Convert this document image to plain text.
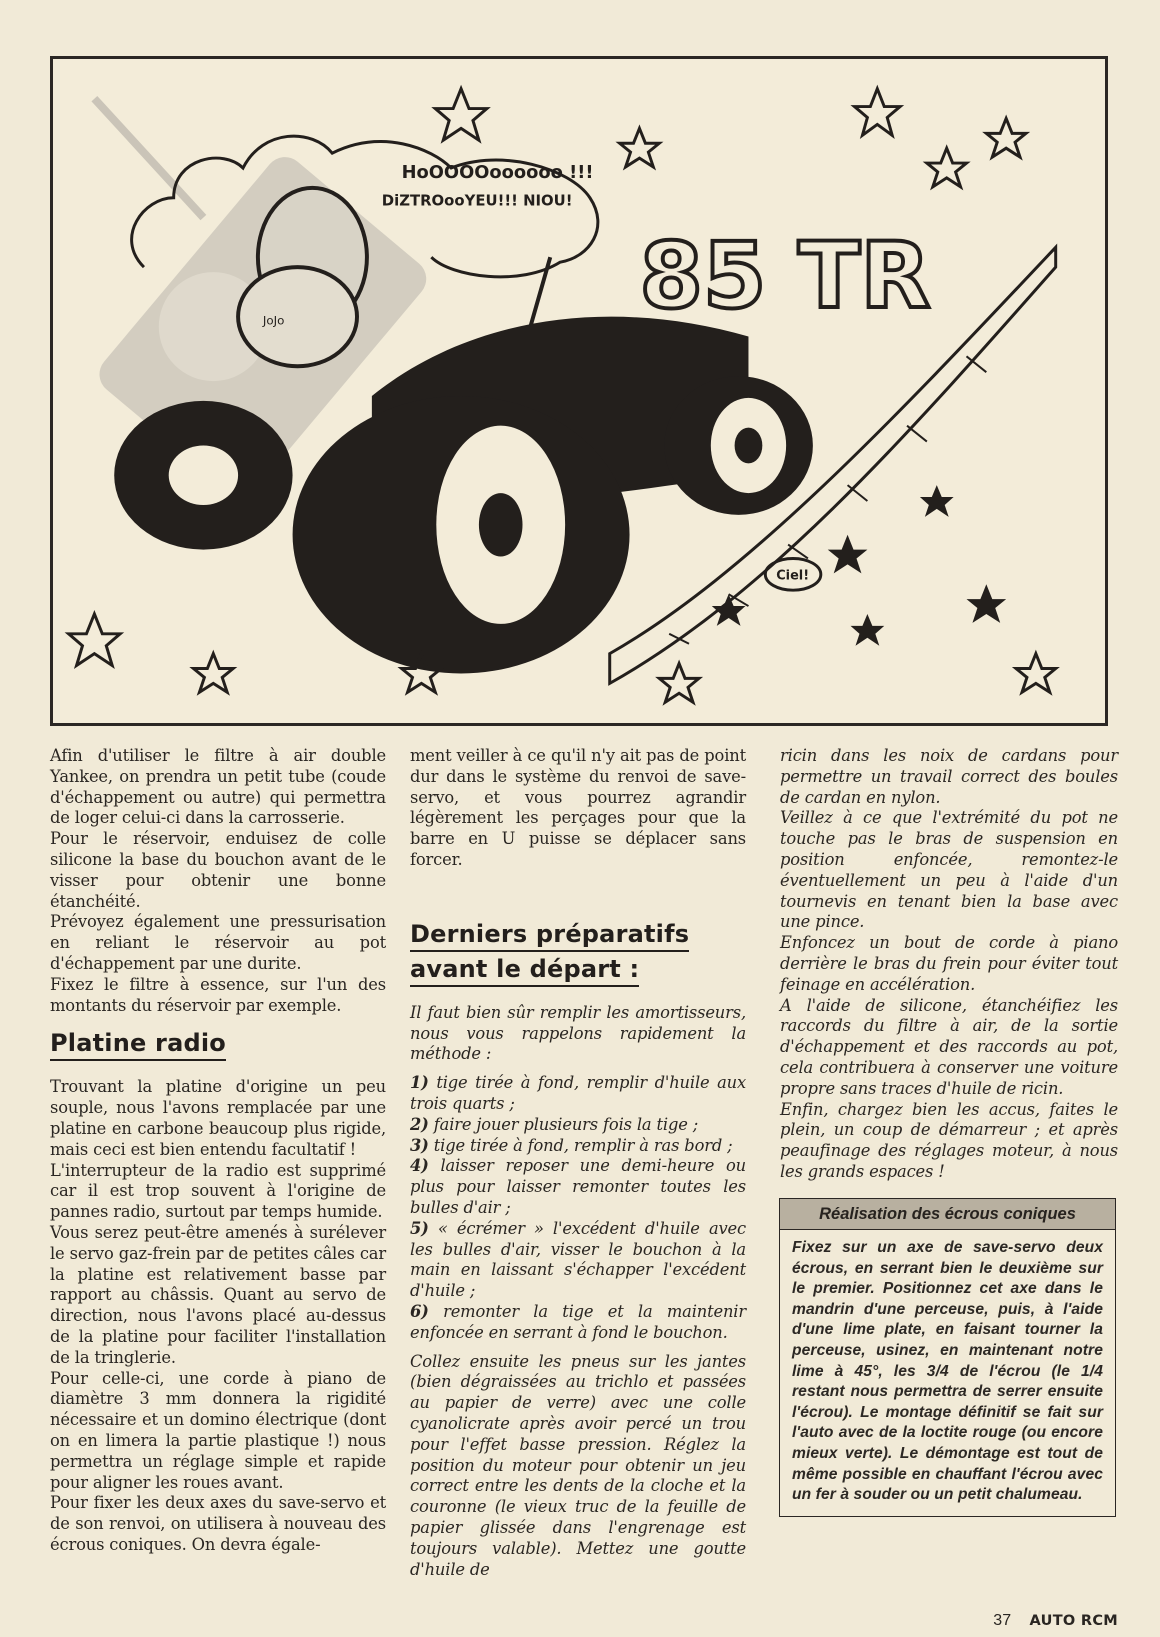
HoOOOOoooooo !!!
DiZTROooYEU!!! NIOU!
JoJo	85 TR
Ciel!

Afin d'utiliser le filtre à air double Yankee, on prendra un petit tube (coude d'échappement ou autre) qui permettra de loger celui-ci dans la carrosserie.

Pour le réservoir, enduisez de colle silicone la base du bouchon avant de le visser pour obtenir une bonne étanchéité.

Prévoyez également une pressurisation en reliant le réservoir au pot d'échappement par une durite.

Fixez le filtre à essence, sur l'un des montants du réservoir par exemple.

Platine radio

Trouvant la platine d'origine un peu souple, nous l'avons remplacée par une platine en carbone beaucoup plus rigide, mais ceci est bien entendu facultatif !

L'interrupteur de la radio est supprimé car il est trop souvent à l'origine de pannes radio, surtout par temps humide.

Vous serez peut-être amenés à surélever le servo gaz-frein par de petites câles car la platine est relativement basse par rapport au châssis. Quant au servo de direction, nous l'avons placé au-dessus de la platine pour faciliter l'installation de la tringlerie.

Pour celle-ci, une corde à piano de diamètre 3 mm donnera la rigidité nécessaire et un domino électrique (dont on en limera la partie plastique !) nous permettra un réglage simple et rapide pour aligner les roues avant.

Pour fixer les deux axes du save-servo et de son renvoi, on utilisera à nouveau des écrous coniques. On devra égale-

ment veiller à ce qu'il n'y ait pas de point dur dans le système du renvoi de save-servo, et vous pourrez agrandir légèrement les perçages pour que la barre en U puisse se déplacer sans forcer.

Derniers préparatifs
avant le départ :

Il faut bien sûr remplir les amortisseurs, nous vous rappelons rapidement la méthode :

1) tige tirée à fond, remplir d'huile aux trois quarts ;

2) faire jouer plusieurs fois la tige ;

3) tige tirée à fond, remplir à ras bord ;

4) laisser reposer une demi-heure ou plus pour laisser remonter toutes les bulles d'air ;

5) « écrémer » l'excédent d'huile avec les bulles d'air, visser le bouchon à la main en laissant s'échapper l'excédent d'huile ;

6) remonter la tige et la maintenir enfoncée en serrant à fond le bouchon.

Collez ensuite les pneus sur les jantes (bien dégraissées au trichlo et passées au papier de verre) avec une colle cyanolicrate après avoir percé un trou pour l'effet basse pression. Réglez la position du moteur pour obtenir un jeu correct entre les dents de la cloche et la couronne (le vieux truc de la feuille de papier glissée dans l'engrenage est toujours valable). Mettez une goutte d'huile de

ricin dans les noix de cardans pour permettre un travail correct des boules de cardan en nylon.

Veillez à ce que l'extrémité du pot ne touche pas le bras de suspension en position enfoncée, remontez-le éventuellement un peu à l'aide d'un tournevis en tenant bien la base avec une pince.

Enfoncez un bout de corde à piano derrière le bras du frein pour éviter tout feinage en accélération.

A l'aide de silicone, étanchéifiez les raccords du filtre à air, de la sortie d'échappement et des raccords au pot, cela contribuera à conserver une voiture propre sans traces d'huile de ricin.

Enfin, chargez bien les accus, faites le plein, un coup de démarreur ; et après peaufinage des réglages moteur, à nous les grands espaces !

Réalisation des écrous coniques
Fixez sur un axe de save-servo deux écrous, en serrant bien le deuxième sur le premier. Positionnez cet axe dans le mandrin d'une perceuse, puis, à l'aide d'une lime plate, en faisant tourner la perceuse, usinez, en maintenant notre lime à 45°, les 3/4 de l'écrou (le 1/4 restant nous permettra de serrer ensuite l'écrou). Le montage définitif se fait sur l'auto avec de la loctite rouge (ou encore mieux verte). Le démontage est tout de même possible en chauffant l'écrou avec un fer à souder ou un petit chalumeau.
37 AUTO RCM
